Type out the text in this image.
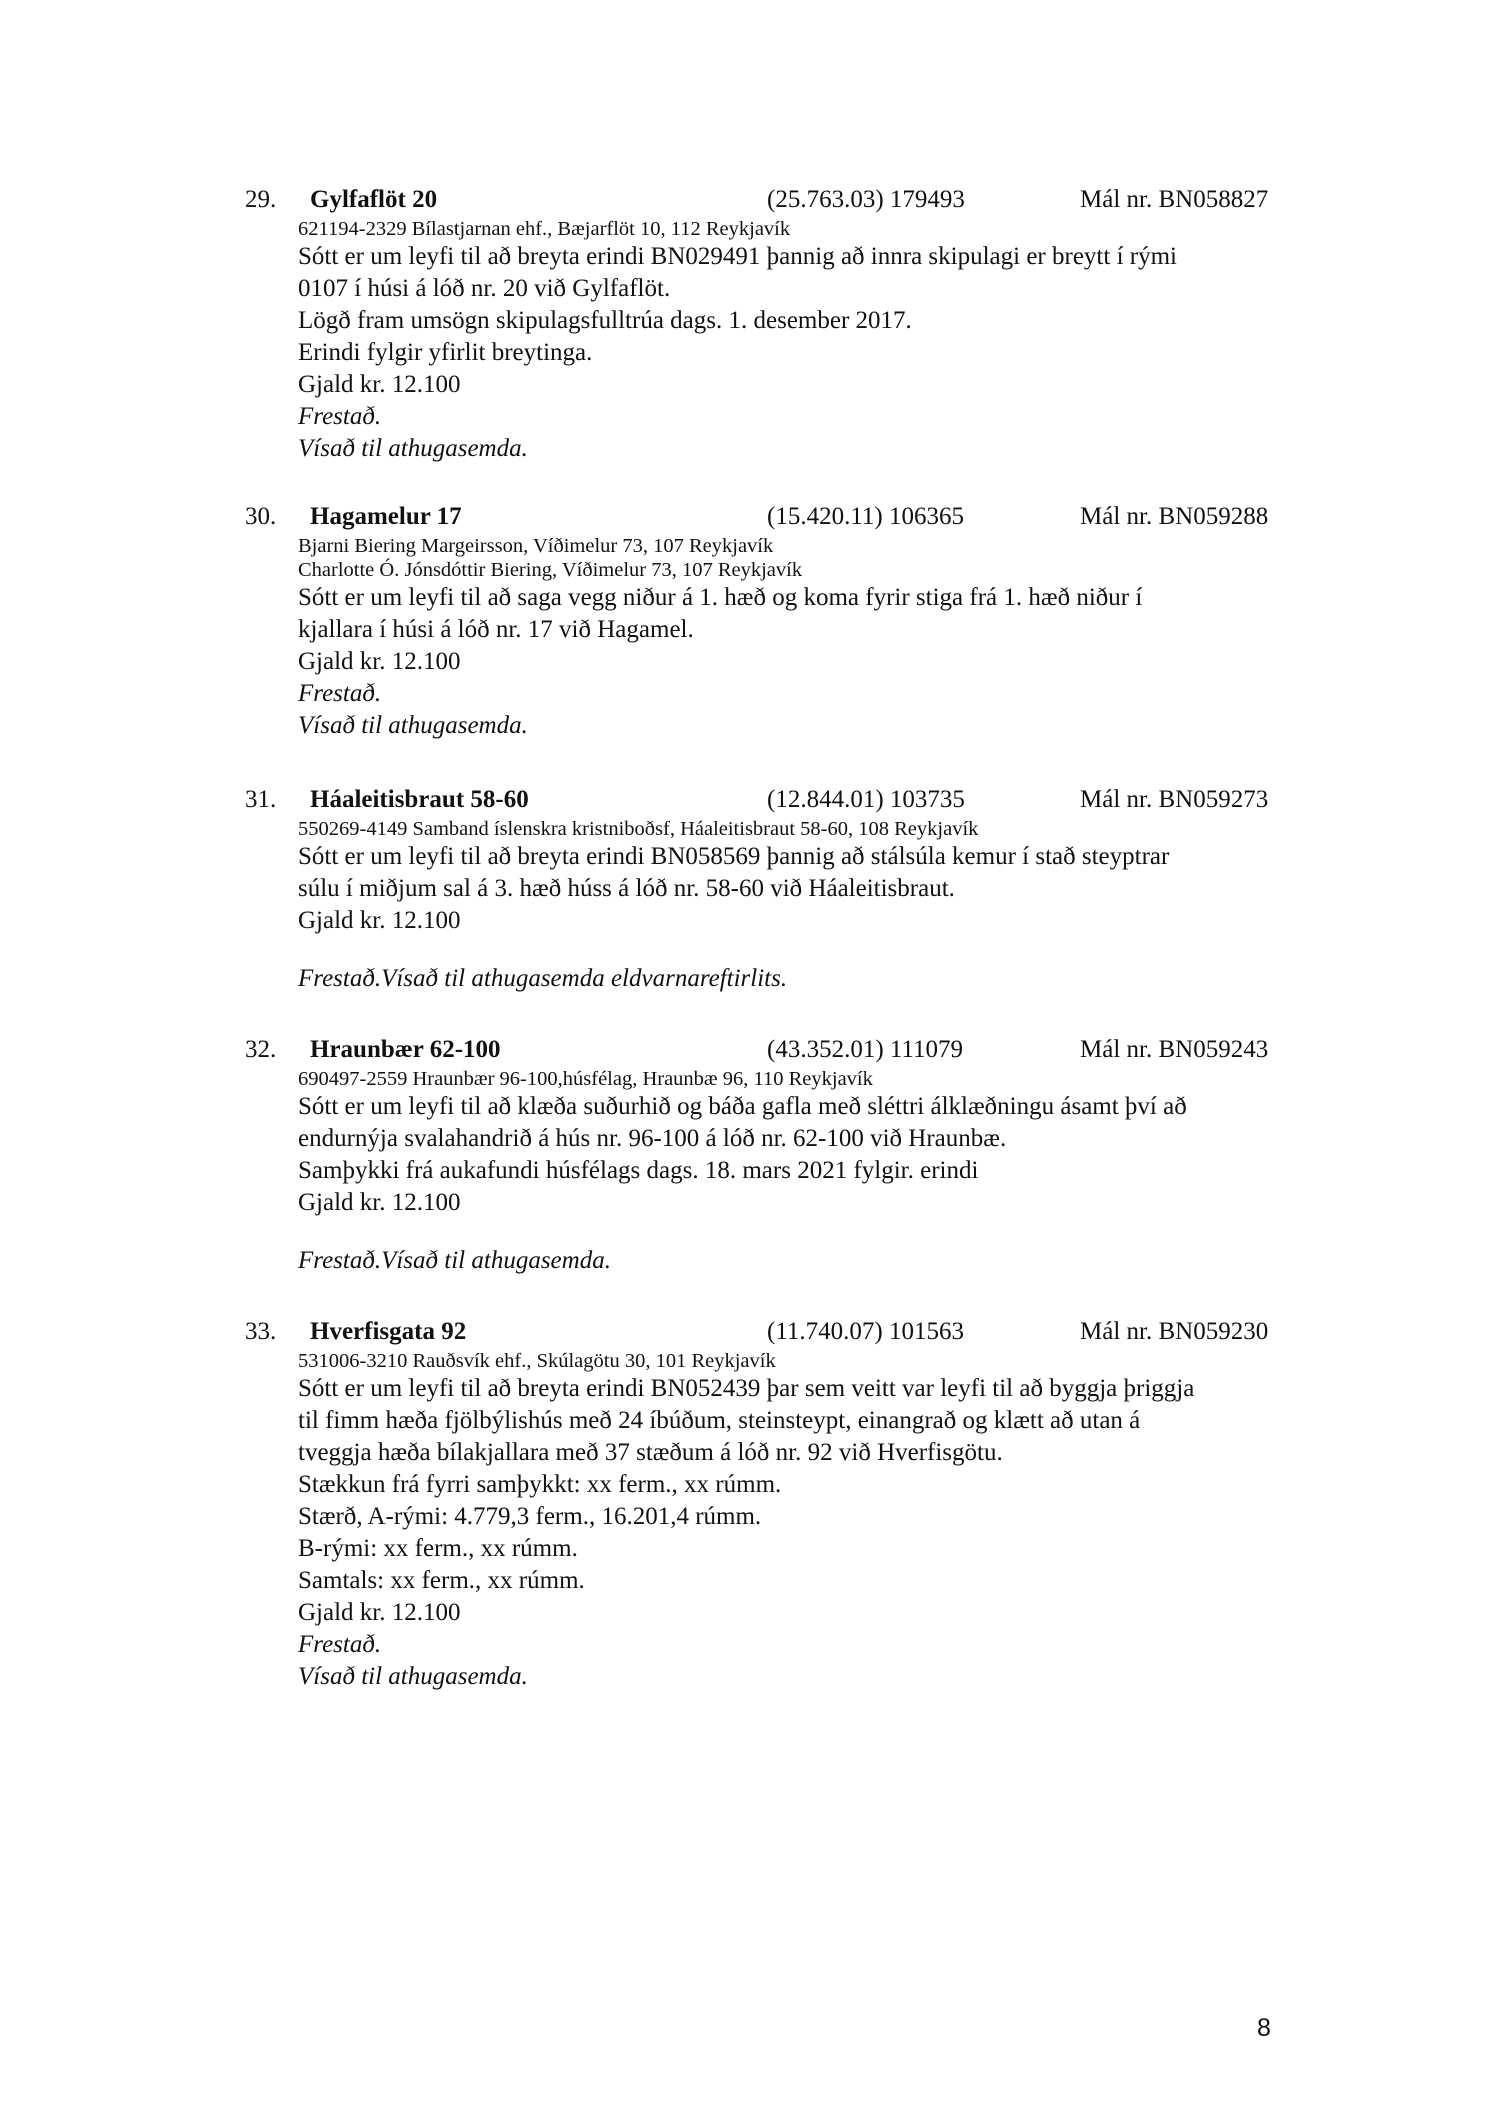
29. Gylfaflöt 20	(25.763.03) 179493	Mál nr. BN058827
621194-2329 Bílastjarnan ehf., Bæjarflöt 10, 112 Reykjavík
Sótt er um leyfi til að breyta erindi BN029491 þannig að innra skipulagi er breytt í rými
0107 í húsi á lóð nr. 20 við Gylfaflöt.
Lögð fram umsögn skipulagsfulltrúa dags. 1. desember 2017.
Erindi fylgir yfirlit breytinga.
Gjald kr. 12.100
Frestað.
Vísað til athugasemda.
30. Hagamelur 17	(15.420.11) 106365	Mál nr. BN059288
Bjarni Biering Margeirsson, Víðimelur 73, 107 Reykjavík
Charlotte Ó. Jónsdóttir Biering, Víðimelur 73, 107 Reykjavík
Sótt er um leyfi til að saga vegg niður á 1. hæð og koma fyrir stiga frá 1. hæð niður í
kjallara í húsi á lóð nr. 17 við Hagamel.
Gjald kr. 12.100
Frestað.
Vísað til athugasemda.
31. Háaleitisbraut 58-60	(12.844.01) 103735	Mál nr. BN059273
550269-4149 Samband íslenskra kristniboðsf, Háaleitisbraut 58-60, 108 Reykjavík
Sótt er um leyfi til að breyta erindi BN058569 þannig að stálsúla kemur í stað steyptrar
súlu í miðjum sal á 3. hæð húss á lóð nr. 58-60 við Háaleitisbraut.
Gjald kr. 12.100
Frestað.Vísað til athugasemda eldvarnareftirlits.
32. Hraunbær 62-100	(43.352.01) 111079	Mál nr. BN059243
690497-2559 Hraunbær 96-100,húsfélag, Hraunbæ 96, 110 Reykjavík
Sótt er um leyfi til að klæða suðurhið og báða gafla með sléttri álklæðningu ásamt því að
endurnýja svalahandrið á hús nr. 96-100 á lóð nr. 62-100 við Hraunbæ.
Samþykki frá aukafundi húsfélags dags. 18. mars 2021 fylgir. erindi
Gjald kr. 12.100
Frestað.Vísað til athugasemda.
33. Hverfisgata 92	(11.740.07) 101563	Mál nr. BN059230
531006-3210 Rauðsvík ehf., Skúlagötu 30, 101 Reykjavík
Sótt er um leyfi til að breyta erindi BN052439 þar sem veitt var leyfi til að byggja þriggja
til fimm hæða fjölbýlishús með 24 íbúðum, steinsteypt, einangrað og klætt að utan á
tveggja hæða bílakjallara með 37 stæðum á lóð nr. 92 við Hverfisgötu.
Stækkun frá fyrri samþykkt: xx ferm., xx rúmm.
Stærð, A-rými: 4.779,3 ferm., 16.201,4 rúmm.
B-rými: xx ferm., xx rúmm.
Samtals: xx ferm., xx rúmm.
Gjald kr. 12.100
Frestað.
Vísað til athugasemda.
8
